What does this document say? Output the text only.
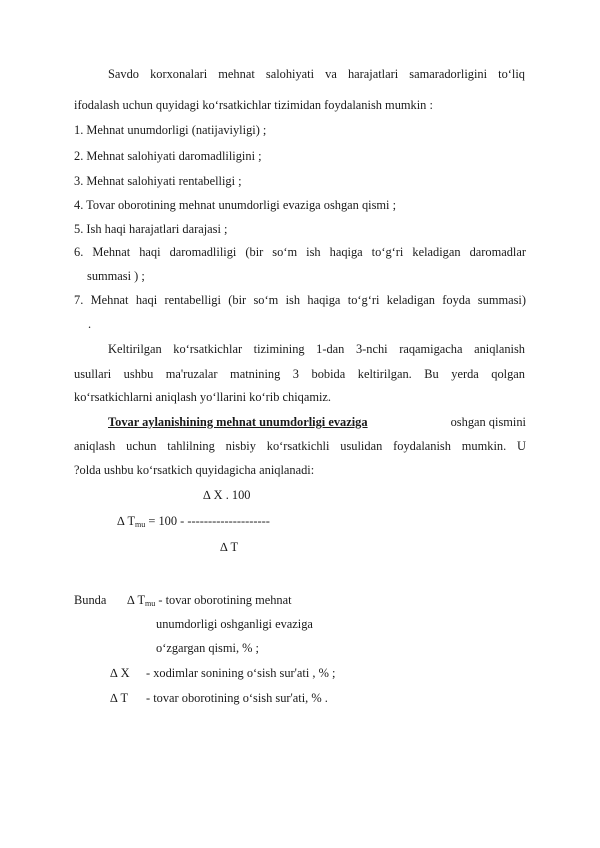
Savdo korxonalari mehnat salohiyati va harajatlari samaradorligini to‘liq
ifodalash uchun quyidagi ko‘rsatkichlar tizimidan foydalanish mumkin :
1. Mehnat unumdorligi (natijaviyligi) ;
2. Mehnat salohiyati daromadliligini ;
3. Mehnat salohiyati rentabelligi ;
4. Tovar oborotining mehnat unumdorligi evaziga oshgan qismi ;
5. Ish haqi harajatlari darajasi ;
6. Mehnat haqi daromadliligi (bir so‘m ish haqiga to‘g‘ri keladigan daromadlar
summasi ) ;
7. Mehnat haqi rentabelligi (bir so‘m ish haqiga to‘g‘ri keladigan foyda summasi)
.
Keltirilgan ko‘rsatkichlar tizimining 1-dan 3-nchi raqamigacha aniqlanish
usullari ushbu ma'ruzalar matnining 3 bobida keltirilgan. Bu yerda qolgan
ko‘rsatkichlarni aniqlash yo‘llarini ko‘rib chiqamiz.
Tovar aylanishining mehnat unumdorligi evaziga	oshgan qismini
aniqlash uchun tahlilning nisbiy ko‘rsatkichli usulidan foydalanish mumkin. U
?olda ushbu ko‘rsatkich quyidagicha aniqlanadi:
∆ X . 100
∆ $T_{mu} = 100$ - --------------------
∆ T
Bunda ∆ $T_{mu}$ - tovar oborotining mehnat
unumdorligi oshganligi evaziga
o‘zgargan qismi, % ;
∆ X - xodimlar sonining o‘sish sur'ati , % ;
∆ T - tovar oborotining o‘sish sur'ati, % .
